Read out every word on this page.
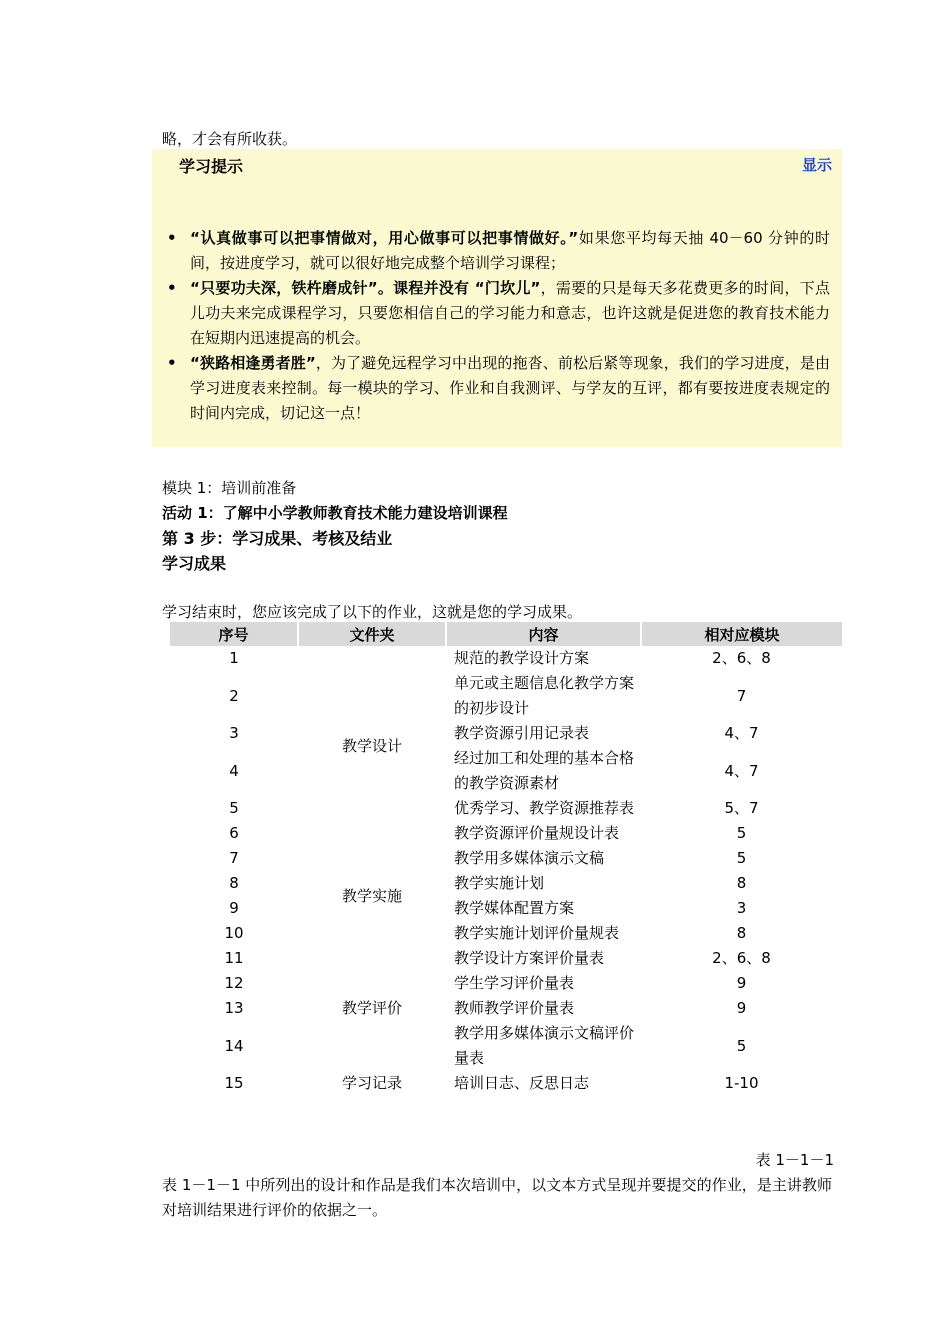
略，才会有所收获。
学习提示	显示
• “认真做事可以把事情做对，用心做事可以把事情做好。”如果您平均每天抽 40－60 分钟的时间，按进度学习，就可以很好地完成整个培训学习课程；
• “只要功夫深，铁杵磨成针”。课程并没有 “门坎儿”，需要的只是每天多花费更多的时间，下点儿功夫来完成课程学习，只要您相信自己的学习能力和意志，也许这就是促进您的教育技术能力在短期内迅速提高的机会。
• “狭路相逢勇者胜”，为了避免远程学习中出现的拖沓、前松后紧等现象，我们的学习进度，是由学习进度表来控制。每一模块的学习、作业和自我测评、与学友的互评，都有要按进度表规定的时间内完成，切记这一点！
模块 1：培训前准备
活动 1：了解中小学教师教育技术能力建设培训课程
第 3 步：学习成果、考核及结业
学习成果
学习结束时，您应该完成了以下的作业，这就是您的学习成果。
序号	文件夹	内容	相对应模块
1	教学设计	规范的教学设计方案	2、6、8
2		单元或主题信息化教学方案的初步设计	7
3		教学资源引用记录表	4、7
4		经过加工和处理的基本合格的教学资源素材	4、7
5		优秀学习、教学资源推荐表	5、7
6		教学资源评价量规设计表	5
7	教学实施	教学用多媒体演示文稿	5
8		教学实施计划	8
9		教学媒体配置方案	3
10		教学实施计划评价量规表	8
11	教学评价	教学设计方案评价量表	2、6、8
12		学生学习评价量表	9
13		教师教学评价量表	9
14		教学用多媒体演示文稿评价量表	5
15	学习记录	培训日志、反思日志	1-10
表 1－1－1
表 1－1－1 中所列出的设计和作品是我们本次培训中，以文本方式呈现并要提交的作业，是主讲教师对培训结果进行评价的依据之一。
